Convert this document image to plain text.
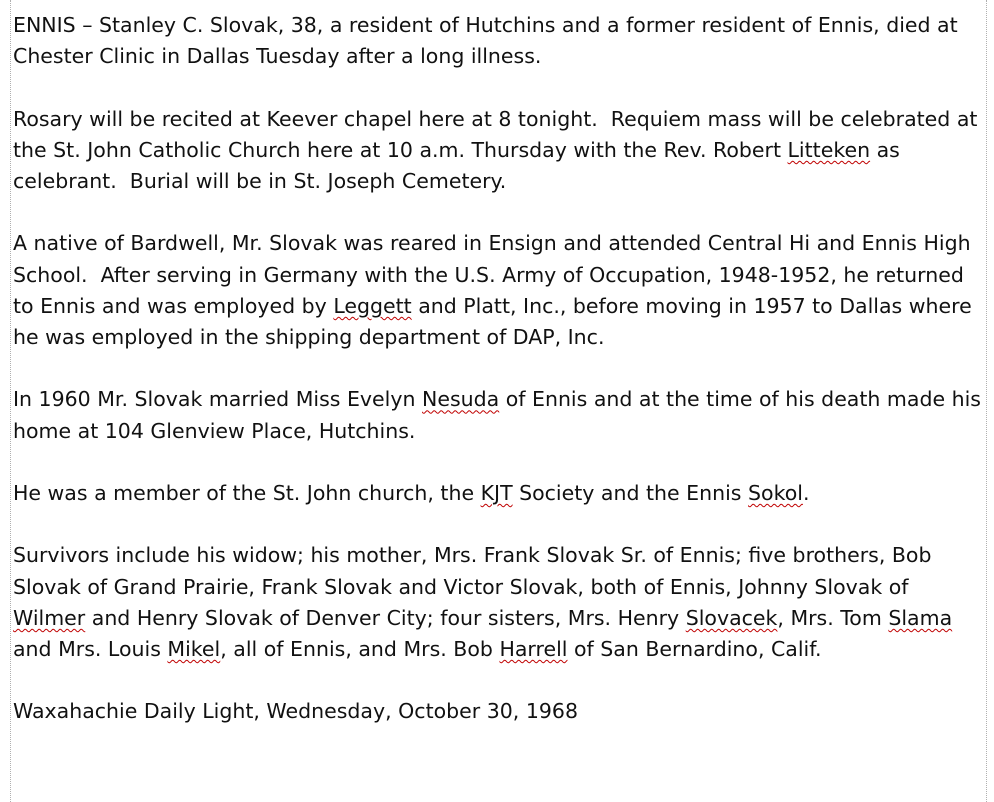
ENNIS – Stanley C. Slovak, 38, a resident of Hutchins and a former resident of Ennis, died at Chester Clinic in Dallas Tuesday after a long illness.

Rosary will be recited at Keever chapel here at 8 tonight.  Requiem mass will be celebrated at the St. John Catholic Church here at 10 a.m. Thursday with the Rev. Robert Litteken as celebrant.  Burial will be in St. Joseph Cemetery.

A native of Bardwell, Mr. Slovak was reared in Ensign and attended Central Hi and Ennis High School.  After serving in Germany with the U.S. Army of Occupation, 1948-1952, he returned to Ennis and was employed by Leggett and Platt, Inc., before moving in 1957 to Dallas where he was employed in the shipping department of DAP, Inc.

In 1960 Mr. Slovak married Miss Evelyn Nesuda of Ennis and at the time of his death made his home at 104 Glenview Place, Hutchins.

He was a member of the St. John church, the KJT Society and the Ennis Sokol.

Survivors include his widow; his mother, Mrs. Frank Slovak Sr. of Ennis; five brothers, Bob Slovak of Grand Prairie, Frank Slovak and Victor Slovak, both of Ennis, Johnny Slovak of Wilmer and Henry Slovak of Denver City; four sisters, Mrs. Henry Slovacek, Mrs. Tom Slama and Mrs. Louis Mikel, all of Ennis, and Mrs. Bob Harrell of San Bernardino, Calif.

Waxahachie Daily Light, Wednesday, October 30, 1968
